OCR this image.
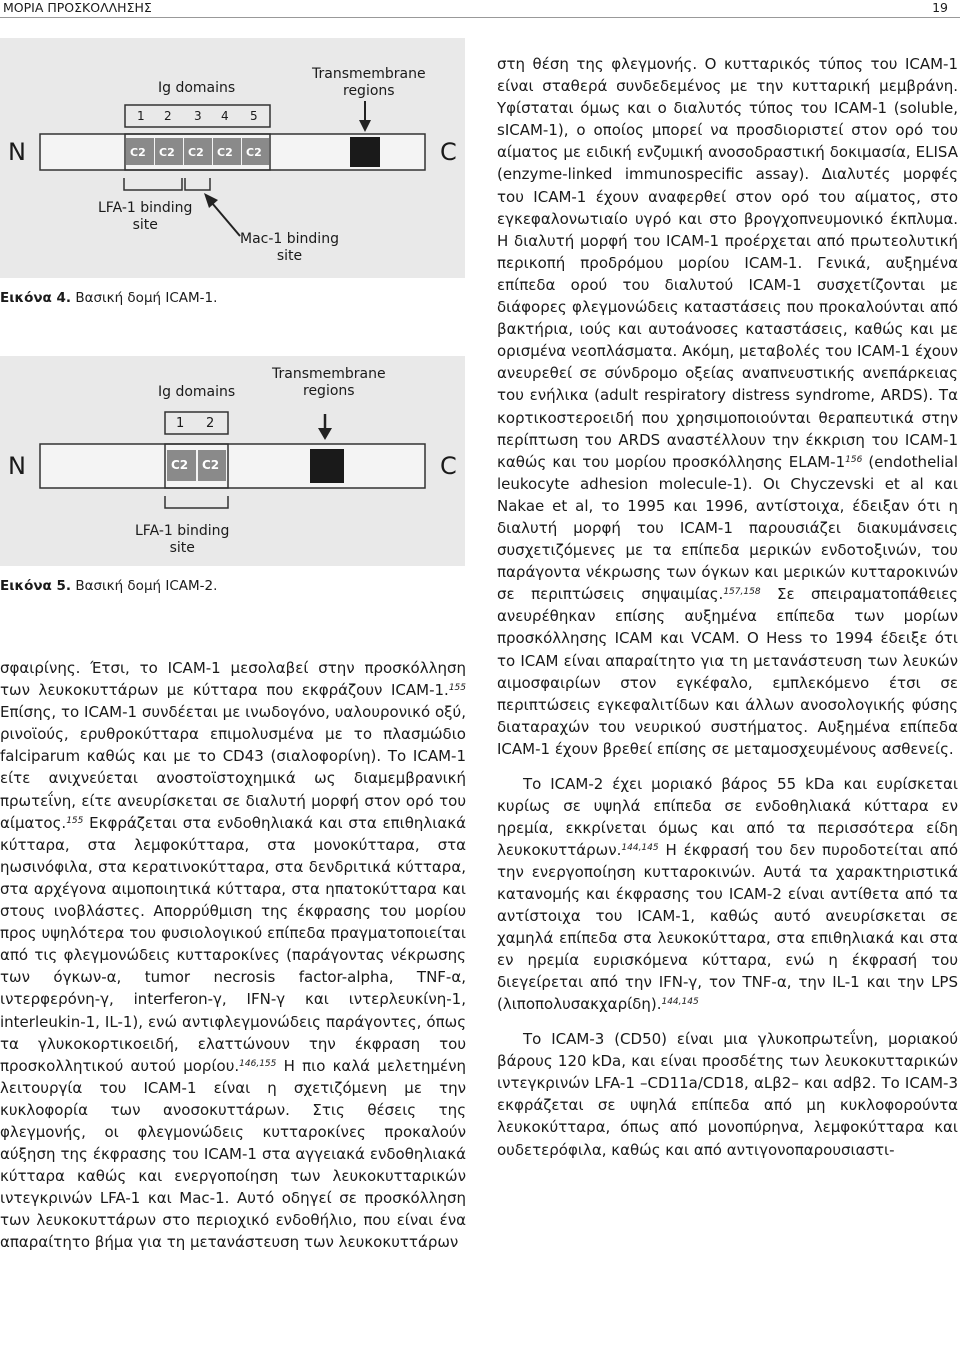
ΜΟΡΙΑ ΠΡΟΣΚΟΛΛΗΣΗΣ	19
Ig domains
Transmembrane
regions
1 2 3 4 5
C2 C2 C2 C2 C2
N	C
LFA-1 binding
site
Mac-1 binding
site
Εικόνα 4. Βασική δομή ICAM-1.
Ig domains
Transmembrane
regions
1 2
C2 C2
N	C
LFA-1 binding
site
Εικόνα 5. Βασική δομή ICAM-2.

σφαιρίνης. Έτσι, το ICAM-1 μεσολαβεί στην προσκόλληση των λευκοκυττάρων με κύτταρα που εκφράζουν ICAM-1.$^{155}$ Επίσης, το ICAM-1 συνδέεται με ινωδογόνο, υαλουρονικό οξύ, ρινοϊούς, ερυθροκύτταρα επιμολυσμένα με το πλασμώδιο falciparum καθώς και με το CD43 (σιαλοφορίνη). Το ICAM-1 είτε ανιχνεύεται ανοστοϊστοχημικά ως διαμεμβρανική πρωτεΐνη, είτε ανευρίσκεται σε διαλυτή μορφή στον ορό του αίματος.$^{155}$ Εκφράζεται στα ενδοθηλιακά και στα επιθηλιακά κύτταρα, στα λεμφοκύτταρα, στα μονοκύτταρα, στα ηωσινόφιλα, στα κερατινοκύτταρα, στα δενδριτικά κύτταρα, στα αρχέγονα αιμοποιητικά κύτταρα, στα ηπατοκύτταρα και στους ινοβλάστες. Απορρύθμιση της έκφρασης του μορίου προς υψηλότερα του φυσιολογικού επίπεδα πραγματοποιείται από τις φλεγμονώδεις κυτταροκίνες (παράγοντας νέκρωσης των όγκων-α, tumor necrosis factor-alpha, TNF-α, ιντερφερόνη-γ, interferon-γ, IFN-γ και ιντερλευκίνη-1, interleukin-1, IL-1), ενώ αντιφλεγμονώδεις παράγοντες, όπως τα γλυκοκορτικοειδή, ελαττώνουν την έκφραση του προσκολλητικού αυτού μορίου.$^{146,155}$ Η πιο καλά μελετημένη λειτουργία του ICAM-1 είναι η σχετιζόμενη με την κυκλοφορία των ανοσοκυττάρων. Στις θέσεις της φλεγμονής, οι φλεγμονώδεις κυτταροκίνες προκαλούν αύξηση της έκφρασης του ICAM-1 στα αγγειακά ενδοθηλιακά κύτταρα καθώς και ενεργοποίηση των λευκοκυτταρικών ιντεγκρινών LFA-1 και Mac-1. Αυτό οδηγεί σε προσκόλληση των λευκοκυττάρων στο περιοχικό ενδοθήλιο, που είναι ένα απαραίτητο βήμα για τη μετανάστευση των λευκοκυττάρων

στη θέση της φλεγμονής. Ο κυτταρικός τύπος του ICAM-1 είναι σταθερά συνδεδεμένος με την κυτταρική μεμβράνη. Υφίσταται όμως και ο διαλυτός τύπος του ICAM-1 (soluble, sICAM-1), ο οποίος μπορεί να προσδιοριστεί στον ορό του αίματος με ειδική ενζυμική ανοσοδραστική δοκιμασία, ELISA (enzyme-linked immunospecific assay). Διαλυτές μορφές του ICAM-1 έχουν αναφερθεί στον ορό του αίματος, στο εγκεφαλονωτιαίο υγρό και στο βρογχοπνευμονικό έκπλυμα. Η διαλυτή μορφή του ICAM-1 προέρχεται από πρωτεολυτική περικοπή προδρόμου μορίου ICAM-1. Γενικά, αυξημένα επίπεδα ορού του διαλυτού ICAM-1 συσχετίζονται με διάφορες φλεγμονώδεις καταστάσεις που προκαλούνται από βακτήρια, ιούς και αυτοάνοσες καταστάσεις, καθώς και με ορισμένα νεοπλάσματα. Ακόμη, μεταβολές του ICAM-1 έχουν ανευρεθεί σε σύνδρομο οξείας αναπνευστικής ανεπάρκειας του ενήλικα (adult respiratory distress syndrome, ARDS). Τα κορτικοστεροειδή που χρησιμοποιούνται θεραπευτικά στην περίπτωση του ARDS αναστέλλουν την έκκριση του ICAM-1 καθώς και του μορίου προσκόλλησης ELAM-$1^{156}$ (endothelial leukocyte adhesion molecule-1). Οι Chyczevski et al και Nakae et al, το 1995 και 1996, αντίστοιχα, έδειξαν ότι η διαλυτή μορφή του ICAM-1 παρουσιάζει διακυμάνσεις συσχετιζόμενες με τα επίπεδα μερικών ενδοτοξινών, του παράγοντα νέκρωσης των όγκων και μερικών κυτταροκινών σε περιπτώσεις σηψαιμίας.$^{157,158}$ Σε σπειραματοπάθειες ανευρέθηκαν επίσης αυξημένα επίπεδα των μορίων προσκόλλησης ICAM και VCAM. Ο Hess το 1994 έδειξε ότι το ICAM είναι απαραίτητο για τη μετανάστευση των λευκών αιμοσφαιρίων στον εγκέφαλο, εμπλεκόμενο έτσι σε περιπτώσεις εγκεφαλιτίδων και άλλων ανοσολογικής φύσης διαταραχών του νευρικού συστήματος. Αυξημένα επίπεδα ICAM-1 έχουν βρεθεί επίσης σε μεταμοσχευμένους ασθενείς.

Το ICAM-2 έχει μοριακό βάρος 55 kDa και ευρίσκεται κυρίως σε υψηλά επίπεδα σε ενδοθηλιακά κύτταρα εν ηρεμία, εκκρίνεται όμως και από τα περισσότερα είδη λευκοκυττάρων.$^{144,145}$ Η έκφρασή του δεν πυροδοτείται από την ενεργοποίηση κυτταροκινών. Αυτά τα χαρακτηριστικά κατανομής και έκφρασης του ICAM-2 είναι αντίθετα από τα αντίστοιχα του ICAM-1, καθώς αυτό ανευρίσκεται σε χαμηλά επίπεδα στα λευκοκύτταρα, στα επιθηλιακά και στα εν ηρεμία ευρισκόμενα κύτταρα, ενώ η έκφρασή του διεγείρεται από την IFN-γ, τον TNF-α, την IL-1 και την LPS (λιποπολυσακχαρίδη).$^{144,145}$

Το ICAM-3 (CD50) είναι μια γλυκοπρωτεΐνη, μοριακού βάρους 120 kDa, και είναι προσδέτης των λευκοκυτταρικών ιντεγκρινών LFA-1 –CD11a/CD18, αLβ2– και αdβ2. Το ICAM-3 εκφράζεται σε υψηλά επίπεδα από μη κυκλοφορούντα λευκοκύτταρα, όπως από μονοπύρηνα, λεμφοκύτταρα και ουδετερόφιλα, καθώς και από αντιγονοπαρουσιαστι-
